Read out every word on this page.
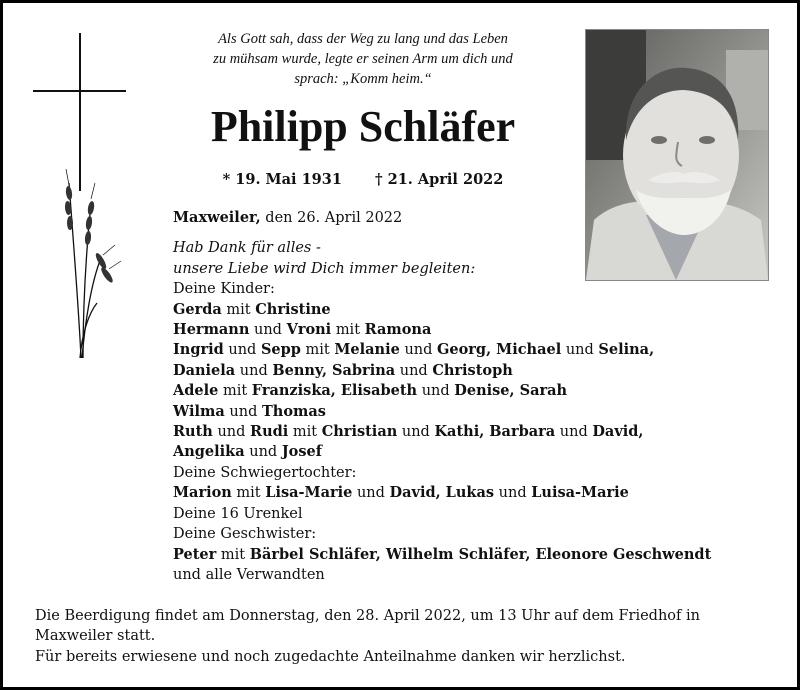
Als Gott sah, dass der Weg zu lang und das Leben
zu mühsam wurde, legte er seinen Arm um dich und
sprach: „Komm heim.“
Philipp Schläfer
* 19. Mai 1931 † 21. April 2022
Maxweiler, den 26. April 2022
Hab Dank für alles -
unsere Liebe wird Dich immer begleiten:
Deine Kinder:
Gerda mit Christine
Hermann und Vroni mit Ramona
Ingrid und Sepp mit Melanie und Georg, Michael und Selina,
Daniela und Benny, Sabrina und Christoph
Adele mit Franziska, Elisabeth und Denise, Sarah
Wilma und Thomas
Ruth und Rudi mit Christian und Kathi, Barbara und David,
Angelika und Josef
Deine Schwiegertochter:
Marion mit Lisa-Marie und David, Lukas und Luisa-Marie
Deine 16 Urenkel
Deine Geschwister:
Peter mit Bärbel Schläfer, Wilhelm Schläfer, Eleonore Geschwendt
und alle Verwandten
Die Beerdigung findet am Donnerstag, den 28. April 2022, um 13 Uhr auf dem Friedhof in
Maxweiler statt.
Für bereits erwiesene und noch zugedachte Anteilnahme danken wir herzlichst.
